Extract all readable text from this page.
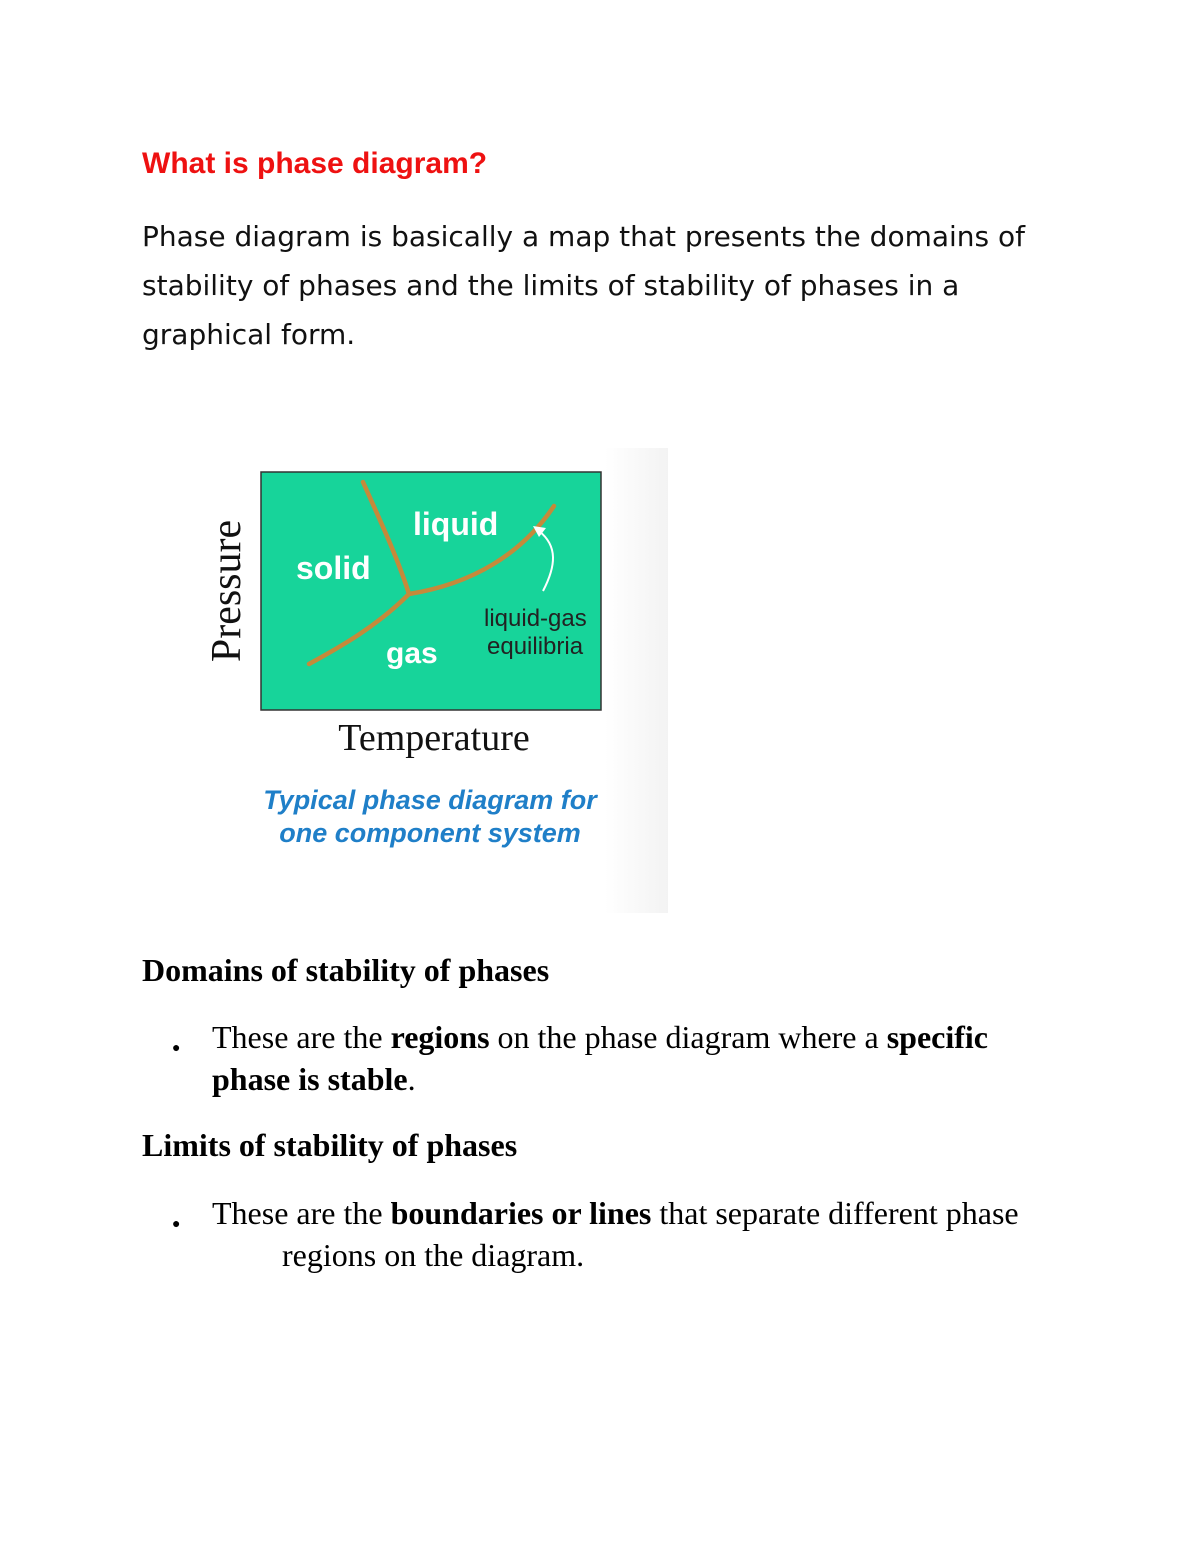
What is phase diagram?

Phase diagram is basically a map that presents the domains of stability of phases and the limits of stability of phases in a graphical form.

solid
liquid
gas
liquid-gas
equilibria
Pressure
Temperature
Typical phase diagram for
one component system
Domains of stability of phases
● These are the regions on the phase diagram where a specific phase is stable.
Limits of stability of phases
● These are the boundaries or lines that separate different phaseregions on the diagram.
